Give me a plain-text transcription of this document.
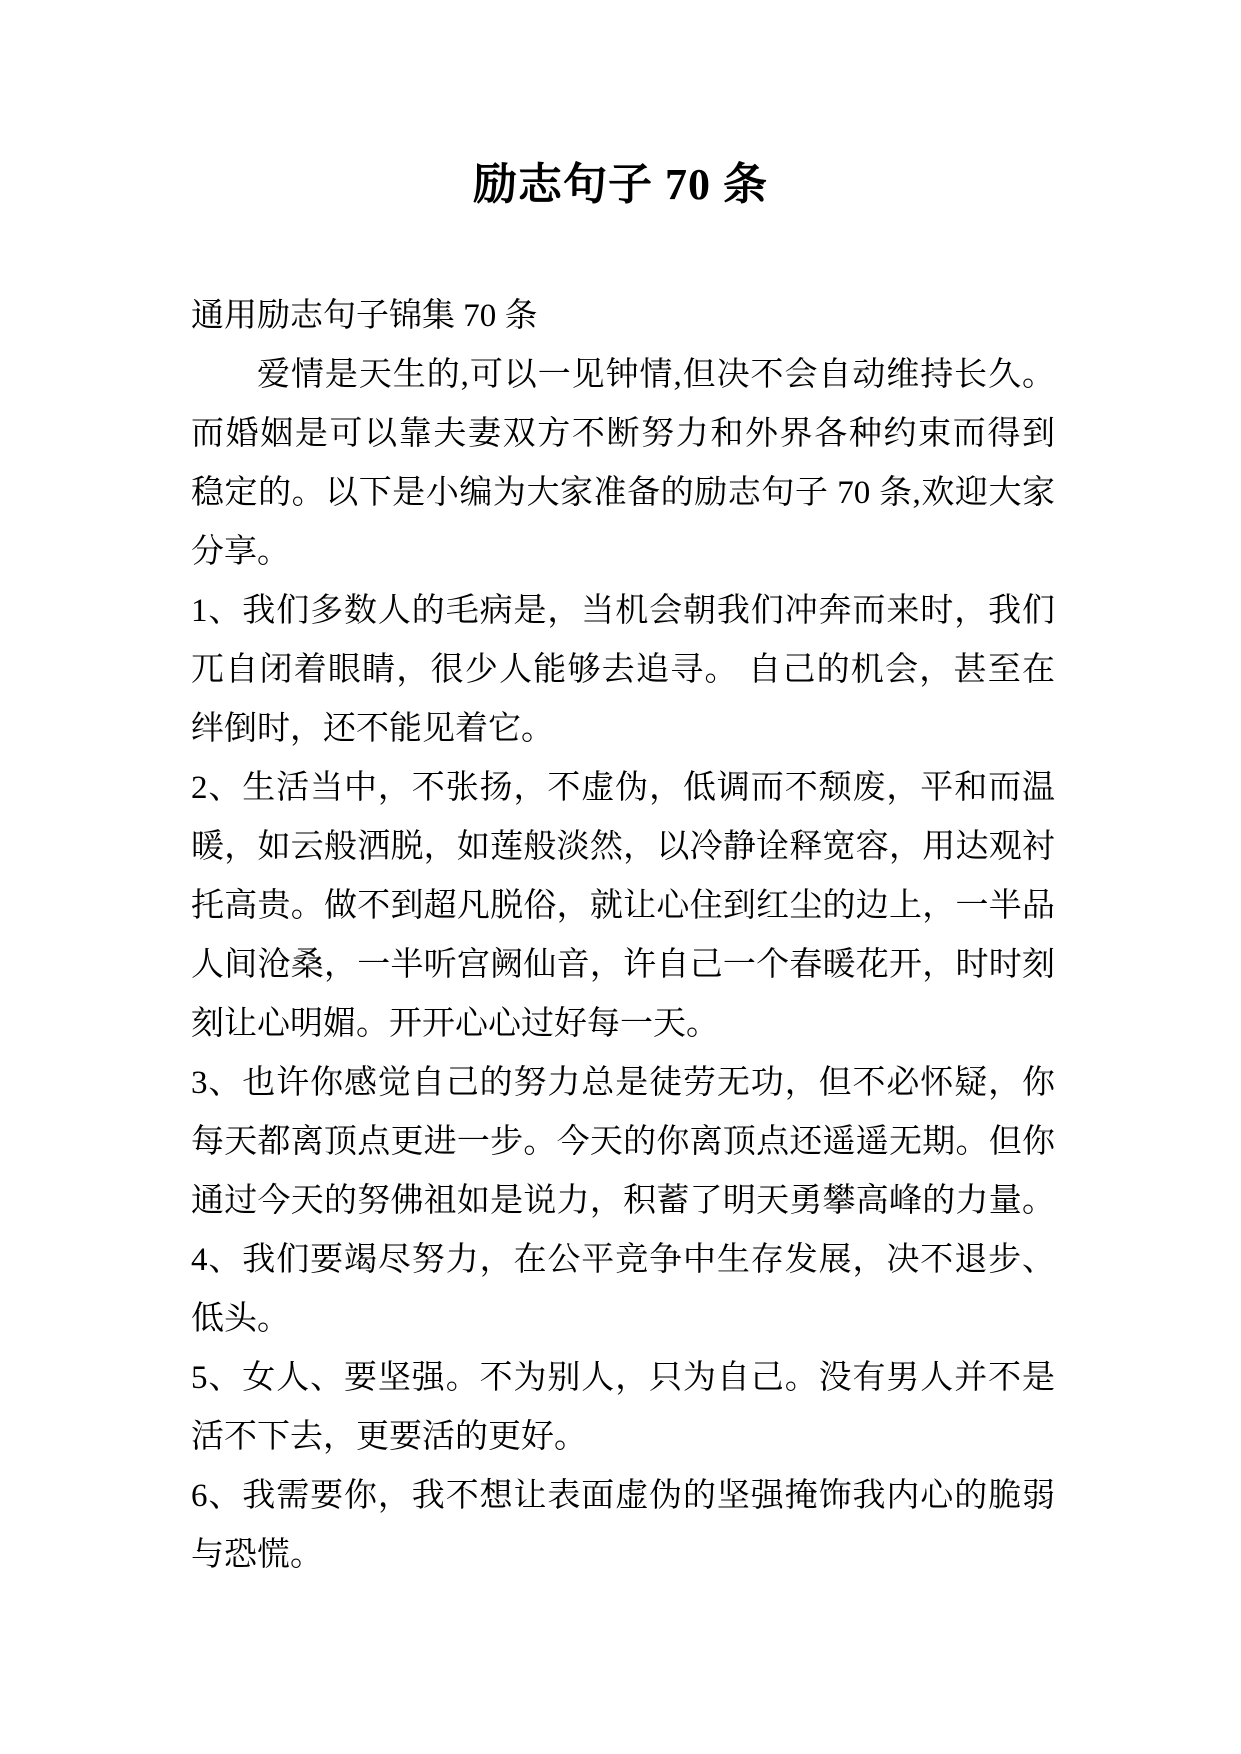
励志句子 70 条
通用励志句子锦集 70 条
爱情是天生的,可以一见钟情,但决不会自动维持长久。
而婚姻是可以靠夫妻双方不断努力和外界各种约束而得到
稳定的。以下是小编为大家准备的励志句子 70 条,欢迎大家
分享。
1、我们多数人的毛病是，当机会朝我们冲奔而来时，我们
兀自闭着眼睛，很少人能够去追寻。 自己的机会，甚至在
绊倒时，还不能见着它。
2、生活当中，不张扬，不虚伪，低调而不颓废，平和而温
暖，如云般洒脱，如莲般淡然，以冷静诠释宽容，用达观衬
托高贵。做不到超凡脱俗，就让心住到红尘的边上，一半品
人间沧桑，一半听宫阙仙音，许自己一个春暖花开，时时刻
刻让心明媚。开开心心过好每一天。
3、也许你感觉自己的努力总是徒劳无功，但不必怀疑，你
每天都离顶点更进一步。今天的你离顶点还遥遥无期。但你
通过今天的努佛祖如是说力，积蓄了明天勇攀高峰的力量。
4、我们要竭尽努力，在公平竞争中生存发展，决不退步、
低头。
5、女人、要坚强。不为别人，只为自己。没有男人并不是
活不下去，更要活的更好。
6、我需要你，我不想让表面虚伪的坚强掩饰我内心的脆弱
与恐慌。
